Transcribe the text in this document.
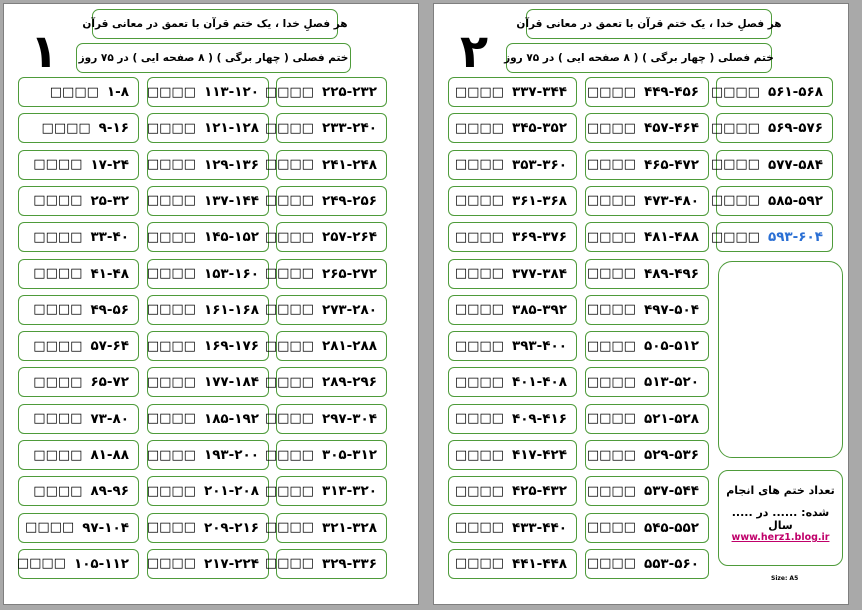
۱ هر فصلِ خدا ، یک ختم قرآن با تعمق در معانی قرآن
ختم فصلی ( چهار برگی ) ( ۸ صفحه ایی ) در ۷۵ روز
۱-۸
□□□□
۹-۱۶
□□□□
۱۷-۲۴
□□□□
۲۵-۳۲
□□□□
۳۳-۴۰
□□□□
۴۱-۴۸
□□□□
۴۹-۵۶
□□□□
۵۷-۶۴
□□□□
۶۵-۷۲
□□□□
۷۳-۸۰
□□□□
۸۱-۸۸
□□□□
۸۹-۹۶
□□□□
۹۷-۱۰۴
□□□□
۱۰۵-۱۱۲
□□□□
۱۱۳-۱۲۰
□□□□
۱۲۱-۱۲۸
□□□□
۱۲۹-۱۳۶
□□□□
۱۳۷-۱۴۴
□□□□
۱۴۵-۱۵۲
□□□□
۱۵۳-۱۶۰
□□□□
۱۶۱-۱۶۸
□□□□
۱۶۹-۱۷۶
□□□□
۱۷۷-۱۸۴
□□□□
۱۸۵-۱۹۲
□□□□
۱۹۳-۲۰۰
□□□□
۲۰۱-۲۰۸
□□□□
۲۰۹-۲۱۶
□□□□
۲۱۷-۲۲۴
□□□□
۲۲۵-۲۳۲
□□□□
۲۳۳-۲۴۰
□□□□
۲۴۱-۲۴۸
□□□□
۲۴۹-۲۵۶
□□□□
۲۵۷-۲۶۴
□□□□
۲۶۵-۲۷۲
□□□□
۲۷۳-۲۸۰
□□□□
۲۸۱-۲۸۸
□□□□
۲۸۹-۲۹۶
□□□□
۲۹۷-۳۰۴
□□□□
۳۰۵-۳۱۲
□□□□
۳۱۳-۳۲۰
□□□□
۳۲۱-۳۲۸
□□□□
۳۲۹-۳۳۶
□□□□
۲	هر فصلِ خدا ، یک ختم قرآن با تعمق در معانی قرآن
ختم فصلی ( چهار برگی ) ( ۸ صفحه ایی ) در ۷۵ روز
۳۳۷-۳۴۴
□□□□
۳۴۵-۳۵۲
□□□□
۳۵۳-۳۶۰
□□□□
۳۶۱-۳۶۸
□□□□
۳۶۹-۳۷۶
□□□□
۳۷۷-۳۸۴
□□□□
۳۸۵-۳۹۲
□□□□
۳۹۳-۴۰۰
□□□□
۴۰۱-۴۰۸
□□□□
۴۰۹-۴۱۶
□□□□
۴۱۷-۴۲۴
□□□□
۴۲۵-۴۳۲
□□□□
۴۳۳-۴۴۰
□□□□
۴۴۱-۴۴۸
□□□□
۴۴۹-۴۵۶
□□□□
۴۵۷-۴۶۴
□□□□
۴۶۵-۴۷۲
□□□□
۴۷۳-۴۸۰
□□□□
۴۸۱-۴۸۸
□□□□
۴۸۹-۴۹۶
□□□□
۴۹۷-۵۰۴
□□□□
۵۰۵-۵۱۲
□□□□
۵۱۳-۵۲۰
□□□□
۵۲۱-۵۲۸
□□□□
۵۲۹-۵۳۶
□□□□
۵۳۷-۵۴۴
□□□□
۵۴۵-۵۵۲
□□□□
۵۵۳-۵۶۰
□□□□
۵۶۱-۵۶۸
□□□□
۵۶۹-۵۷۶
□□□□
۵۷۷-۵۸۴
□□□□
۵۸۵-۵۹۲
□□□□
۵۹۳-۶۰۴
□□□□
تعداد ختم های انجام
شده: ...... در ..... سال
www.herz1.blog.ir
Size: A5
